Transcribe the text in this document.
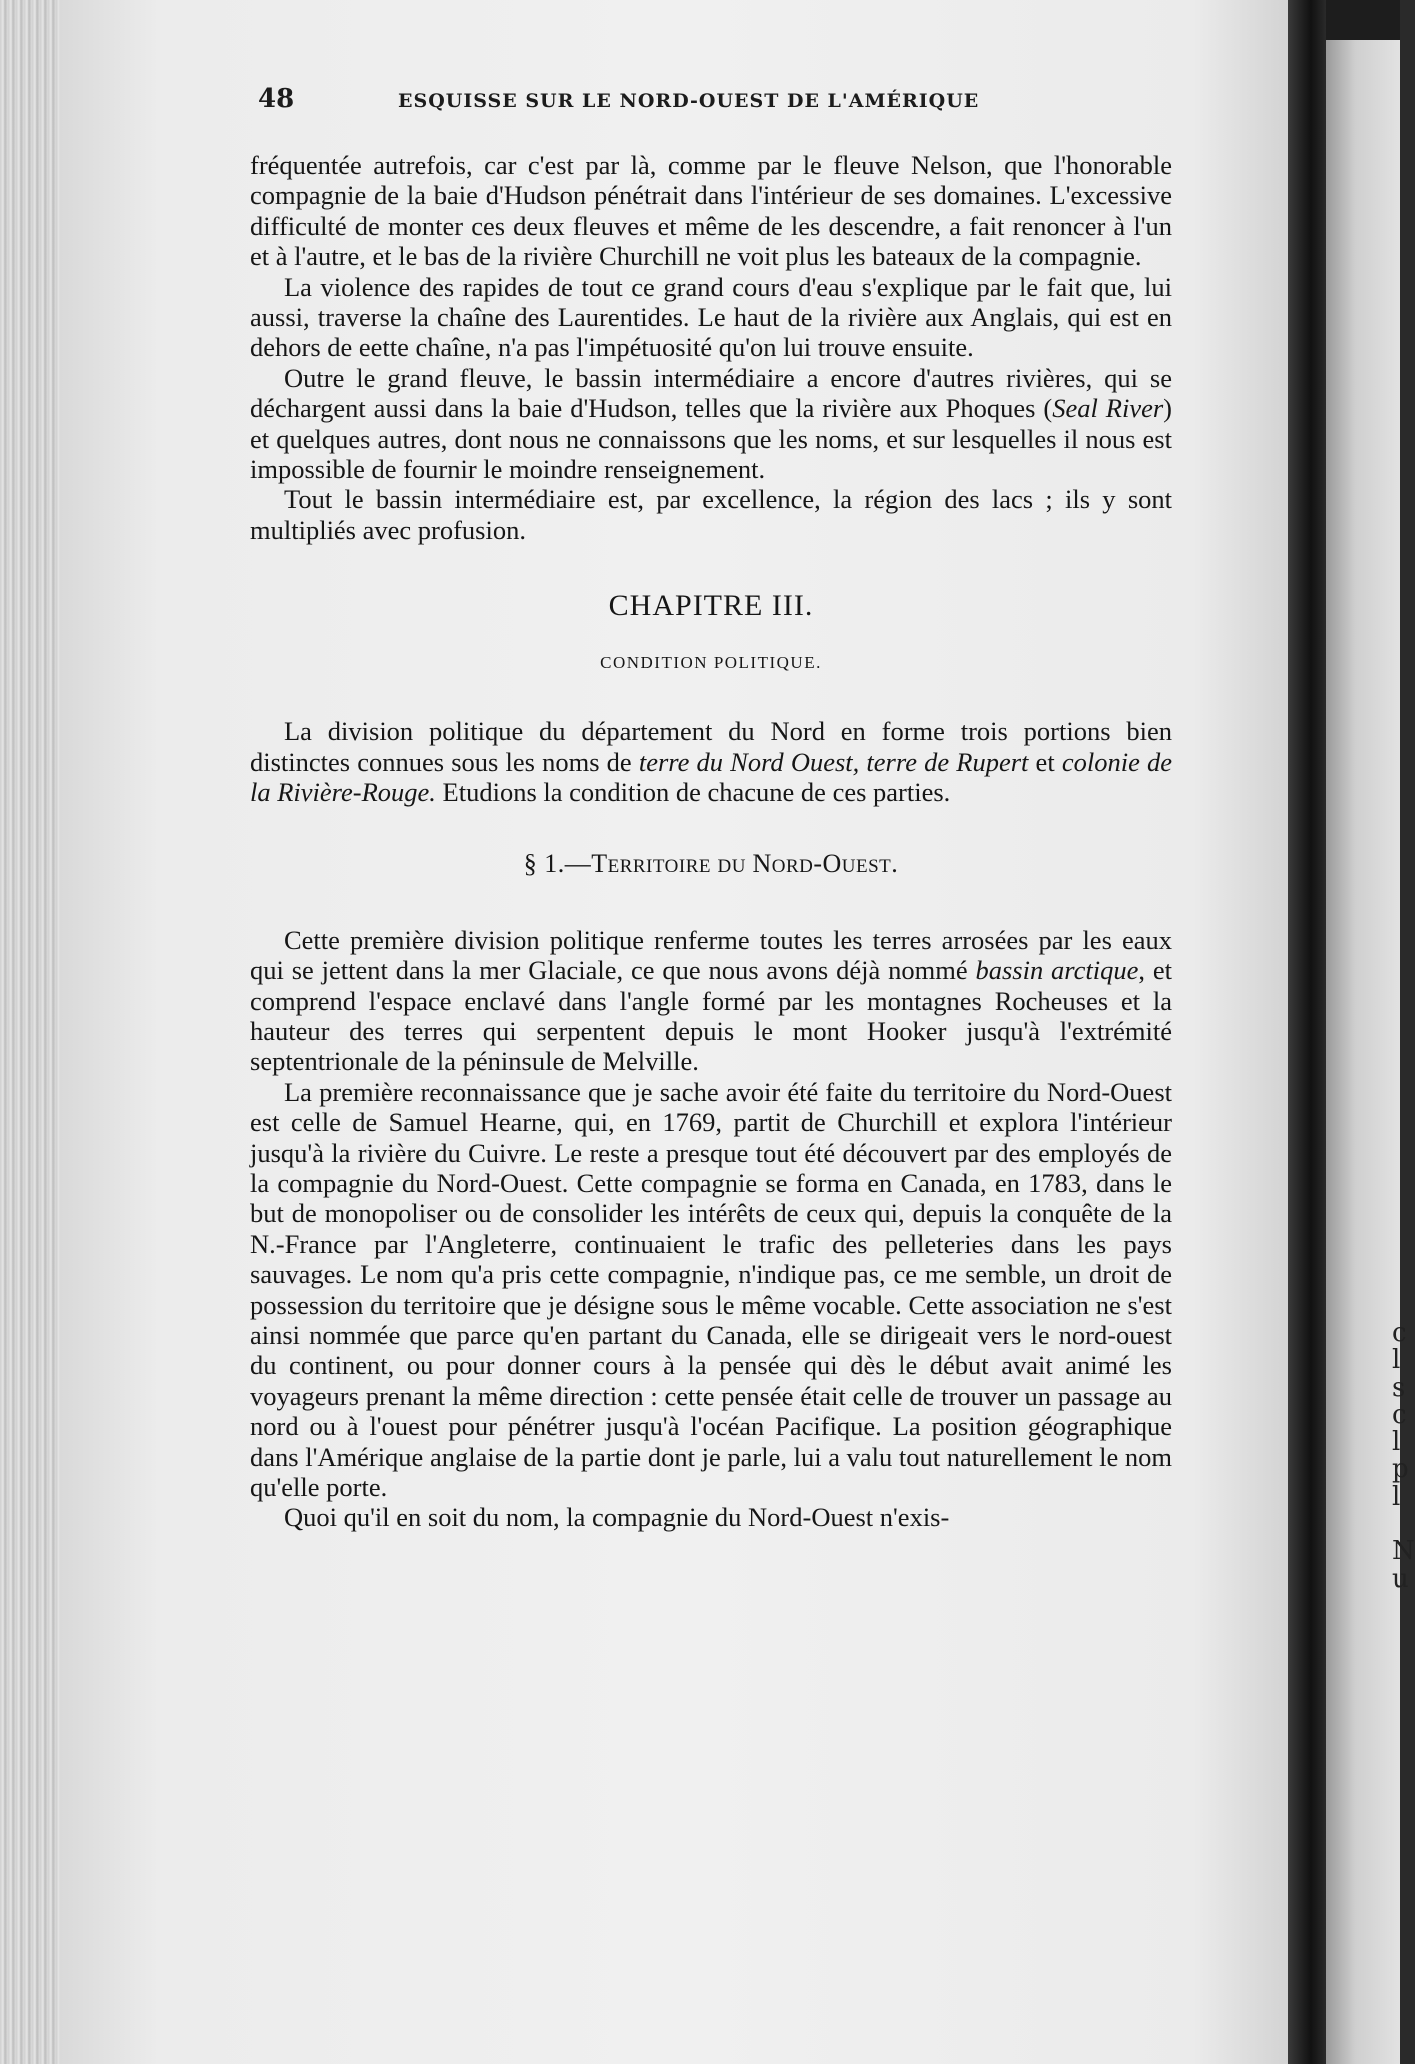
c
l
s
c
l
p
l

N
u
48	ESQUISSE SUR LE NORD-OUEST DE L'AMÉRIQUE

fréquentée autrefois, car c'est par là, comme par le fleuve Nelson, que l'honorable compagnie de la baie d'Hudson pénétrait dans l'intérieur de ses domaines. L'excessive difficulté de monter ces deux fleuves et même de les descendre, a fait renoncer à l'un et à l'autre, et le bas de la rivière Churchill ne voit plus les bateaux de la compagnie.

La violence des rapides de tout ce grand cours d'eau s'explique par le fait que, lui aussi, traverse la chaîne des Laurentides. Le haut de la rivière aux Anglais, qui est en dehors de eette chaîne, n'a pas l'impétuosité qu'on lui trouve ensuite.

Outre le grand fleuve, le bassin intermédiaire a encore d'autres rivières, qui se déchargent aussi dans la baie d'Hudson, telles que la rivière aux Phoques (Seal River) et quelques autres, dont nous ne connaissons que les noms, et sur lesquelles il nous est impossible de fournir le moindre renseignement.

Tout le bassin intermédiaire est, par excellence, la région des lacs ; ils y sont multipliés avec profusion.

CHAPITRE III.

CONDITION POLITIQUE.

La division politique du département du Nord en forme trois portions bien distinctes connues sous les noms de terre du Nord Ouest, terre de Rupert et colonie de la Rivière-Rouge. Etudions la condition de chacune de ces parties.

§ 1.—TERRITOIRE DU NORD-OUEST.

Cette première division politique renferme toutes les terres arrosées par les eaux qui se jettent dans la mer Glaciale, ce que nous avons déjà nommé bassin arctique, et comprend l'espace enclavé dans l'angle formé par les montagnes Rocheuses et la hauteur des terres qui serpentent depuis le mont Hooker jusqu'à l'extrémité septentrionale de la péninsule de Melville.

La première reconnaissance que je sache avoir été faite du territoire du Nord-Ouest est celle de Samuel Hearne, qui, en 1769, partit de Churchill et explora l'intérieur jusqu'à la rivière du Cuivre. Le reste a presque tout été découvert par des employés de la compagnie du Nord-Ouest. Cette compagnie se forma en Canada, en 1783, dans le but de monopoliser ou de consolider les intérêts de ceux qui, depuis la conquête de la N.-France par l'Angleterre, continuaient le trafic des pelleteries dans les pays sauvages. Le nom qu'a pris cette compagnie, n'indique pas, ce me semble, un droit de possession du territoire que je désigne sous le même vocable. Cette association ne s'est ainsi nommée que parce qu'en partant du Canada, elle se dirigeait vers le nord-ouest du continent, ou pour donner cours à la pensée qui dès le début avait animé les voyageurs prenant la même direction : cette pensée était celle de trouver un passage au nord ou à l'ouest pour pénétrer jusqu'à l'océan Pacifique. La position géographique dans l'Amérique anglaise de la partie dont je parle, lui a valu tout naturellement le nom qu'elle porte.

Quoi qu'il en soit du nom, la compagnie du Nord-Ouest n'exis-
